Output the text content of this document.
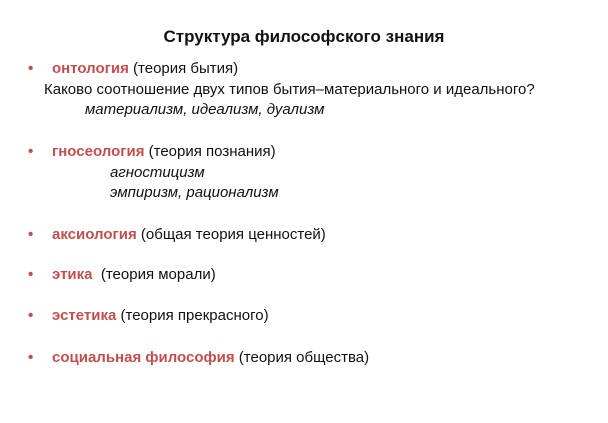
Структура философского знания
• онтология (теория бытия)
Каково соотношение двух типов бытия–материального и идеального?
материализм, идеализм, дуализм
• гносеология (теория познания)
агностицизм
эмпиризм, рационализм
• аксиология (общая теория ценностей)
• этика  (теория морали)
• эстетика (теория прекрасного)
• социальная философия (теория общества)
